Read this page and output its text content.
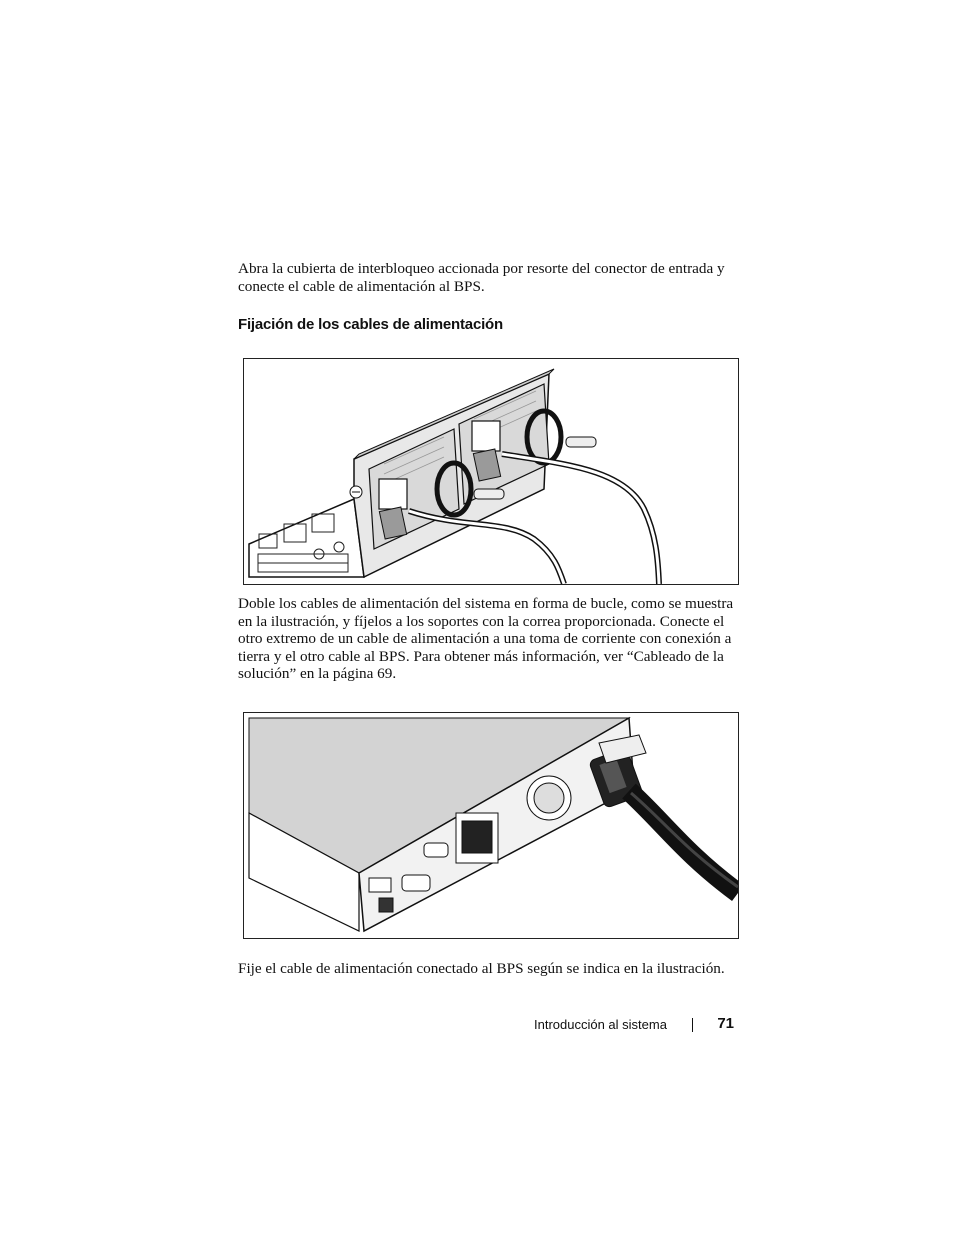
Abra la cubierta de interbloqueo accionada por resorte del conector de entrada y conecte el cable de alimentación al BPS.

Fijación de los cables de alimentación

Doble los cables de alimentación del sistema en forma de bucle, como se muestra en la ilustración, y fíjelos a los soportes con la correa proporcionada. Conecte el otro extremo de un cable de alimentación a una toma de corriente con conexión a tierra y el otro cable al BPS. Para obtener más información, ver “Cableado de la solución” en la página 69.

Fije el cable de alimentación conectado al BPS según se indica en la ilustración.

Introducción al sistema	71
